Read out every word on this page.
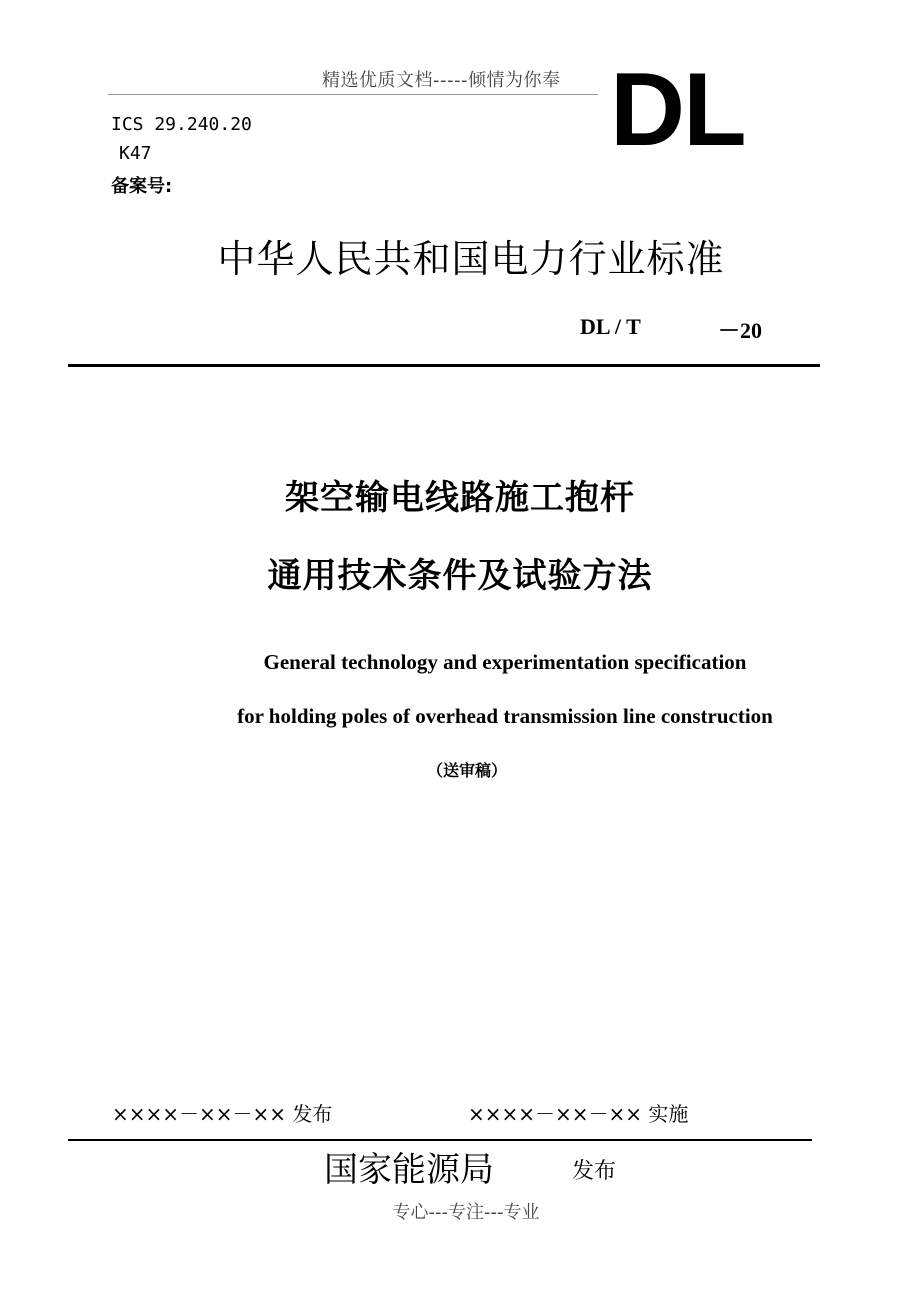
精选优质文档-----倾情为你奉 DL
ICS 29.240.20
K47
备案号:
中华人民共和国电力行业标准
DL / T	－20
架空输电线路施工抱杆
通用技术条件及试验方法
General technology and experimentation specification
for holding poles of overhead transmission line construction
（送审稿）
××××－××－×× 发布	××××－××－×× 实施
国家能源局	发布
专心---专注---专业
